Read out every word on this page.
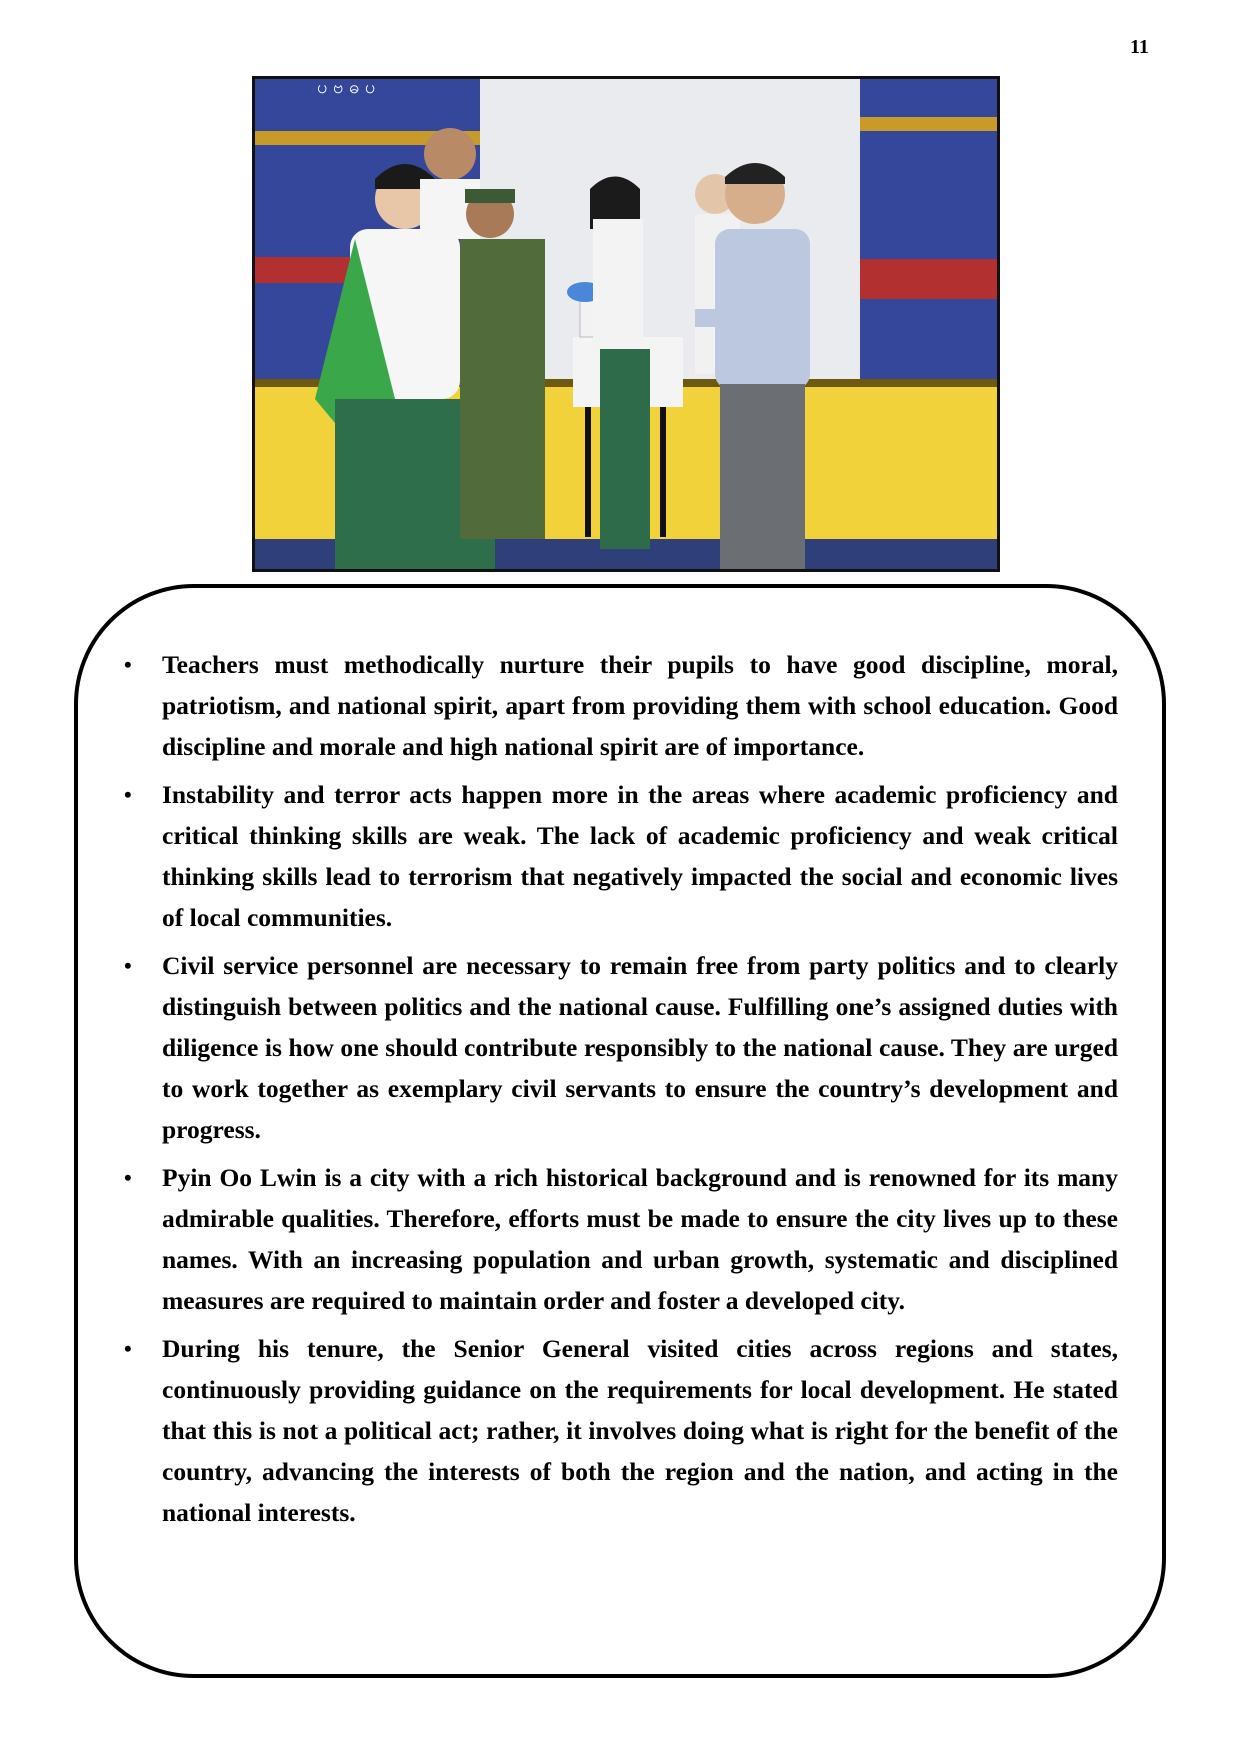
11
ပ ဗ ဓ ပ
• Teachers must methodically nurture their pupils to have good discipline, moral, patriotism, and national spirit, apart from providing them with school education. Good discipline and morale and high national spirit are of importance.
• Instability and terror acts happen more in the areas where academic proficiency and critical thinking skills are weak. The lack of academic proficiency and weak critical thinking skills lead to terrorism that negatively impacted the social and economic lives of local communities.
• Civil service personnel are necessary to remain free from party politics and to clearly distinguish between politics and the national cause. Fulfilling one’s assigned duties with diligence is how one should contribute responsibly to the national cause. They are urged to work together as exemplary civil servants to ensure the country’s development and progress.
• Pyin Oo Lwin is a city with a rich historical background and is renowned for its many admirable qualities. Therefore, efforts must be made to ensure the city lives up to these names. With an increasing population and urban growth, systematic and disciplined measures are required to maintain order and foster a developed city.
• During his tenure, the Senior General visited cities across regions and states, continuously providing guidance on the requirements for local development. He stated that this is not a political act; rather, it involves doing what is right for the benefit of the country, advancing the interests of both the region and the nation, and acting in the national interests.
